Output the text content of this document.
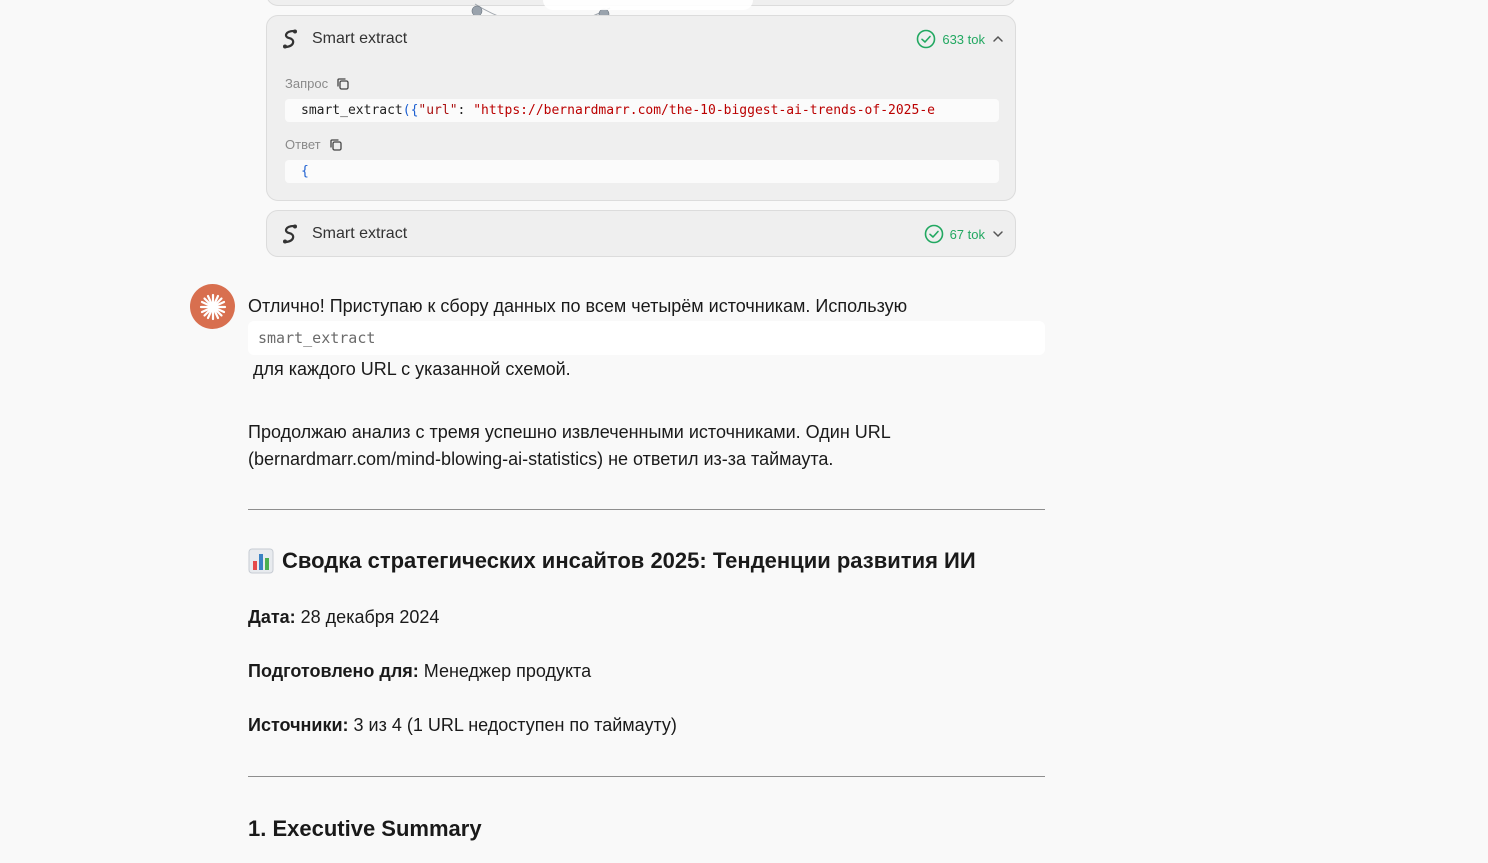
Smart extract	633 tok
Запрос
smart_extract({"url": "https://bernardmarr.com/the-10-biggest-ai-trends-of-2025-e
Ответ
{
Smart extract	67 tok
Отлично! Приступаю к сбору данных по всем четырём источникам. Использую
smart_extract
для каждого URL с указанной схемой.
Продолжаю анализ с тремя успешно извлеченными источниками. Один URL (bernardmarr.com/mind-blowing-ai-statistics) не ответил из-за таймаута.
Сводка стратегических инсайтов 2025: Тенденции развития ИИ
Дата: 28 декабря 2024
Подготовлено для: Менеджер продукта
Источники: 3 из 4 (1 URL недоступен по таймауту)
1. Executive Summary
